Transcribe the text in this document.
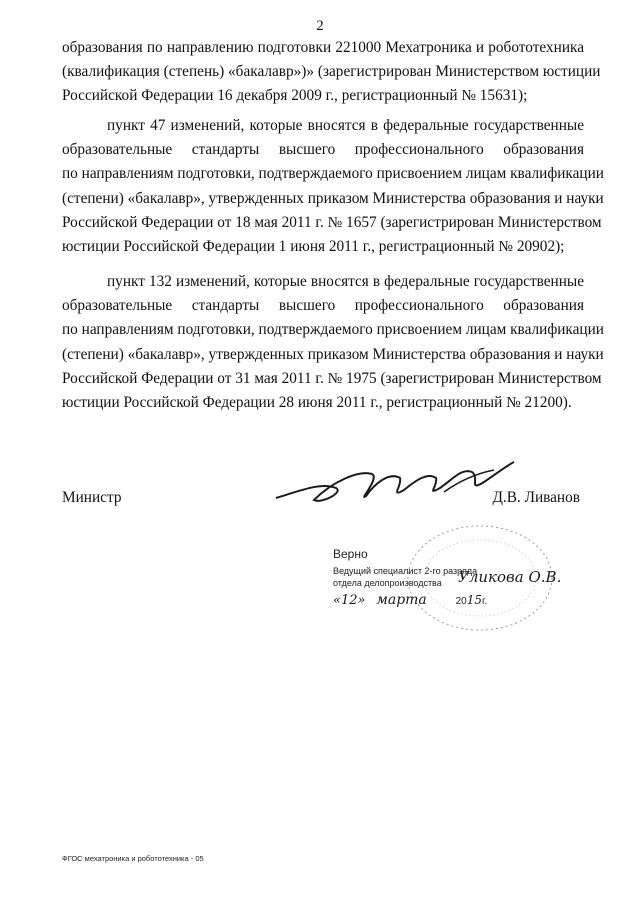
2
образования по направлению подготовки 221000 Мехатроника и робототехника
(квалификация (степень) «бакалавр»)» (зарегистрирован Министерством юстиции
Российской Федерации 16 декабря 2009 г., регистрационный № 15631);
пункт 47 изменений, которые вносятся в федеральные государственные
образовательные стандарты высшего профессионального образования
по направлениям подготовки, подтверждаемого присвоением лицам квалификации
(степени) «бакалавр», утвержденных приказом Министерства образования и науки
Российской Федерации от 18 мая 2011 г. № 1657 (зарегистрирован Министерством
юстиции Российской Федерации 1 июня 2011 г., регистрационный № 20902);
пункт 132 изменений, которые вносятся в федеральные государственные
образовательные стандарты высшего профессионального образования
по направлениям подготовки, подтверждаемого присвоением лицам квалификации
(степени) «бакалавр», утвержденных приказом Министерства образования и науки
Российской Федерации от 31 мая 2011 г. № 1975 (зарегистрирован Министерством
юстиции Российской Федерации 28 июня 2011 г., регистрационный № 21200).
Министр	Д.В. Ливанов
Верно
Ведущий специалист 2-го разряда
отдела делопроизводства	Уликова О.В.
«12» марта	2015г.
ФГОС мехатроника и робототехника - 05
